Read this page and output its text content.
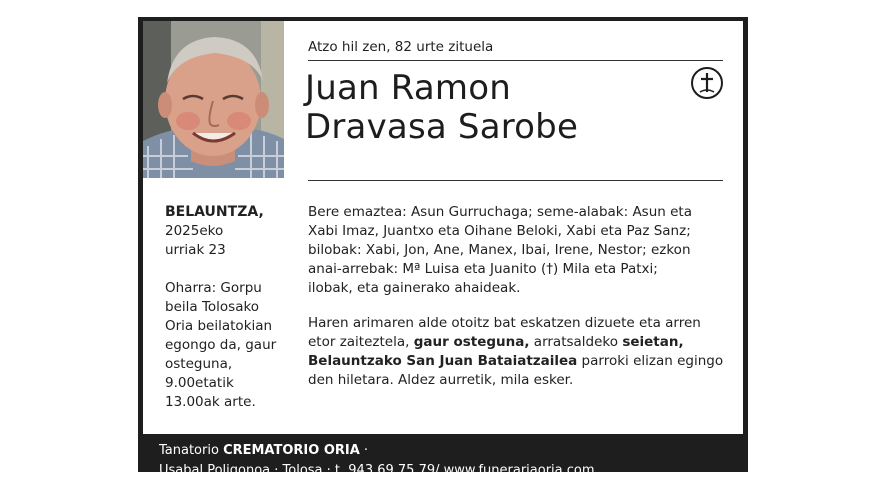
Atzo hil zen, 82 urte zituela
Juan Ramon
Dravasa Sarobe
BELAUNTZA,
2025eko
urriak 23
Oharra: Gorpu
beila Tolosako
Oria beilatokian
egongo da, gaur
osteguna,
9.00etatik
13.00ak arte.

Bere emaztea: Asun Gurruchaga; seme-alabak: Asun eta
Xabi Imaz, Juantxo eta Oihane Beloki, Xabi eta Paz Sanz;
bilobak: Xabi, Jon, Ane, Manex, Ibai, Irene, Nestor; ezkon
anai-arrebak: Mª Luisa eta Juanito (†) Mila eta Patxi;
ilobak, eta gainerako ahaideak.

Haren arimaren alde otoitz bat eskatzen dizuete eta arren
etor zaiteztela, gaur osteguna, arratsaldeko seietan,
Belauntzako San Juan Bataiatzailea parroki elizan egingo
den hiletara. Aldez aurretik, mila esker.

Tanatorio CREMATORIO ORIA ·
Usabal Poligonoa · Tolosa · t. 943 69 75 79/ www.funerariaoria.com
